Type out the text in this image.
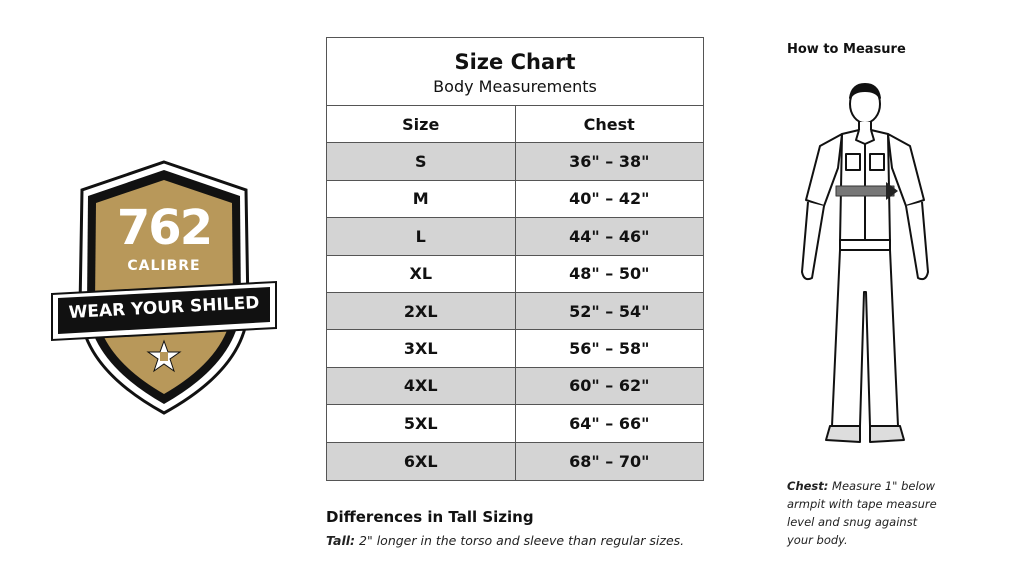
762
CALIBRE
WEAR YOUR SHILED
Size Chart
Body Measurements
Size	Chest
S	36" – 38"
M	40" – 42"
L	44" – 46"
XL	48" – 50"
2XL	52" – 54"
3XL	56" – 58"
4XL	60" – 62"
5XL	64" – 66"
6XL	68" – 70"
Differences in Tall Sizing
Tall: 2" longer in the torso and sleeve than regular sizes.
How to Measure
Chest: Measure 1" below armpit with tape measure level and snug against your body.
